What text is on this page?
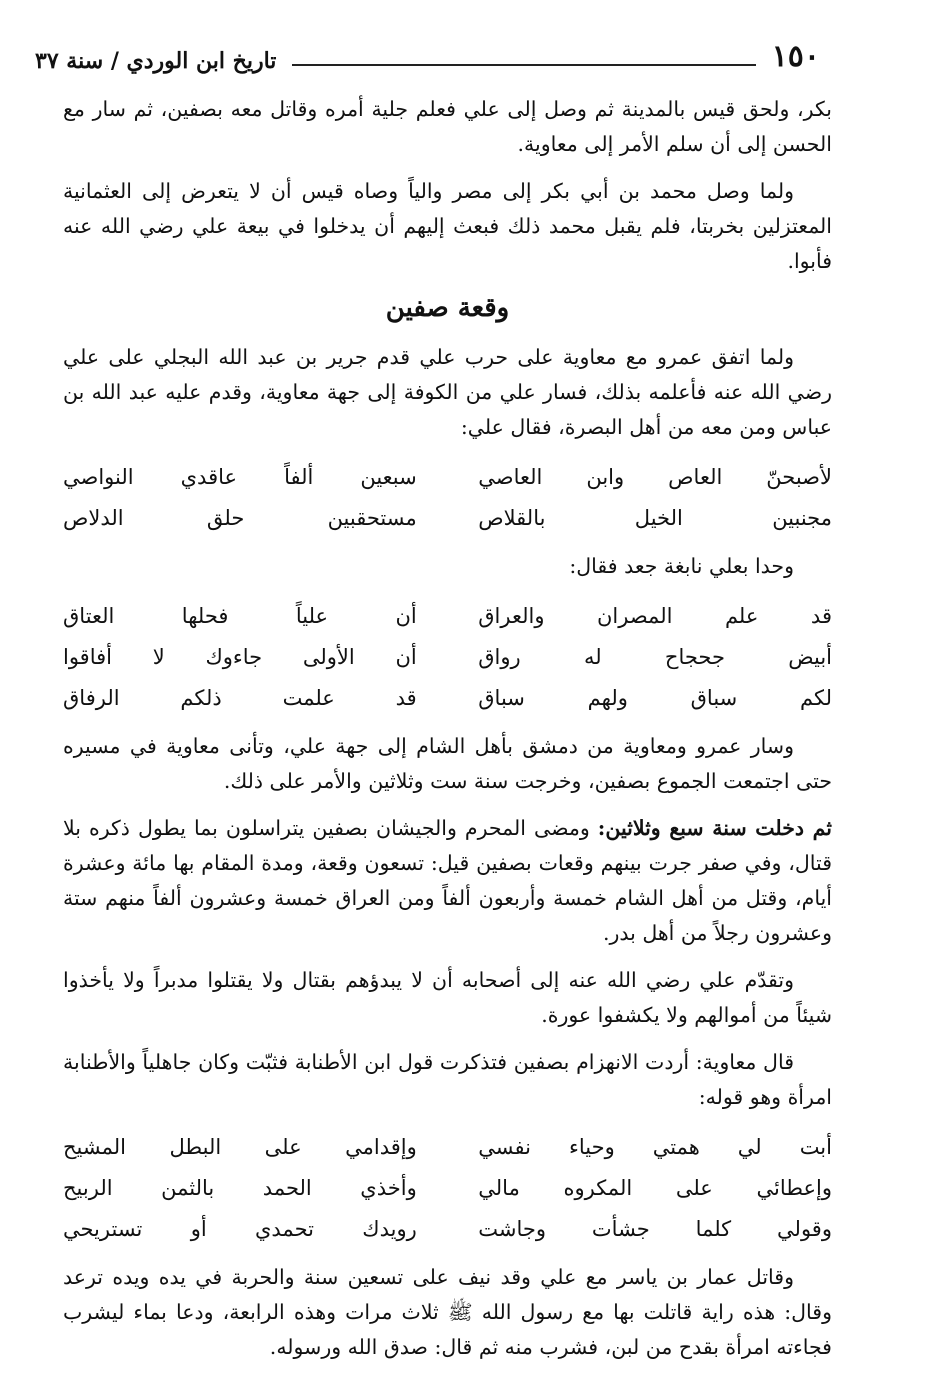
١٥٠
تاريخ ابن الوردي / سنة ٣٧

بكر، ولحق قيس بالمدينة ثم وصل إلى علي فعلم جلية أمره وقاتل معه بصفين، ثم سار مع الحسن إلى أن سلم الأمر إلى معاوية.

ولما وصل محمد بن أبي بكر إلى مصر والياً وصاه قيس أن لا يتعرض إلى العثمانية المعتزلين بخربتا، فلم يقبل محمد ذلك فبعث إليهم أن يدخلوا في بيعة علي رضي الله عنه فأبوا.

وقعة صفين

ولما اتفق عمرو مع معاوية على حرب علي قدم جرير بن عبد الله البجلي على علي رضي الله عنه فأعلمه بذلك، فسار علي من الكوفة إلى جهة معاوية، وقدم عليه عبد الله بن عباس ومن معه من أهل البصرة، فقال علي:

لأصبحنّ العاص وابن العاصي
سبعين ألفاً عاقدي النواصي
مجنبين الخيل بالقلاص
مستحقبين حلق الدلاص

وحدا بعلي نابغة جعد فقال:

قد علم المصران والعراق
أن علياً فحلها العتاق
أبيض جحجاح له رواق
أن الأولى جاءوك لا أفاقوا
لكم سباق ولهم سباق
قد علمت ذلكم الرفاق

وسار عمرو ومعاوية من دمشق بأهل الشام إلى جهة علي، وتأنى معاوية في مسيره حتى اجتمعت الجموع بصفين، وخرجت سنة ست وثلاثين والأمر على ذلك.

ثم دخلت سنة سبع وثلاثين: ومضى المحرم والجيشان بصفين يتراسلون بما يطول ذكره بلا قتال، وفي صفر جرت بينهم وقعات بصفين قيل: تسعون وقعة، ومدة المقام بها مائة وعشرة أيام، وقتل من أهل الشام خمسة وأربعون ألفاً ومن العراق خمسة وعشرون ألفاً منهم ستة وعشرون رجلاً من أهل بدر.

وتقدّم علي رضي الله عنه إلى أصحابه أن لا يبدؤهم بقتال ولا يقتلوا مدبراً ولا يأخذوا شيئاً من أموالهم ولا يكشفوا عورة.

قال معاوية: أردت الانهزام بصفين فتذكرت قول ابن الأطنابة فثبّت وكان جاهلياً والأطنابة امرأة وهو قوله:

أبت لي همتي وحياء نفسي
وإقدامي على البطل المشيح
وإعطائي على المكروه مالي
وأخذي الحمد بالثمن الربيح
وقولي كلما جشأت وجاشت
رويدك تحمدي أو تستريحي

وقاتل عمار بن ياسر مع علي وقد نيف على تسعين سنة والحربة في يده ويده ترعد وقال: هذه راية قاتلت بها مع رسول الله ﷺ ثلاث مرات وهذه الرابعة، ودعا بماء ليشرب فجاءته امرأة بقدح من لبن، فشرب منه ثم قال: صدق الله ورسوله.
